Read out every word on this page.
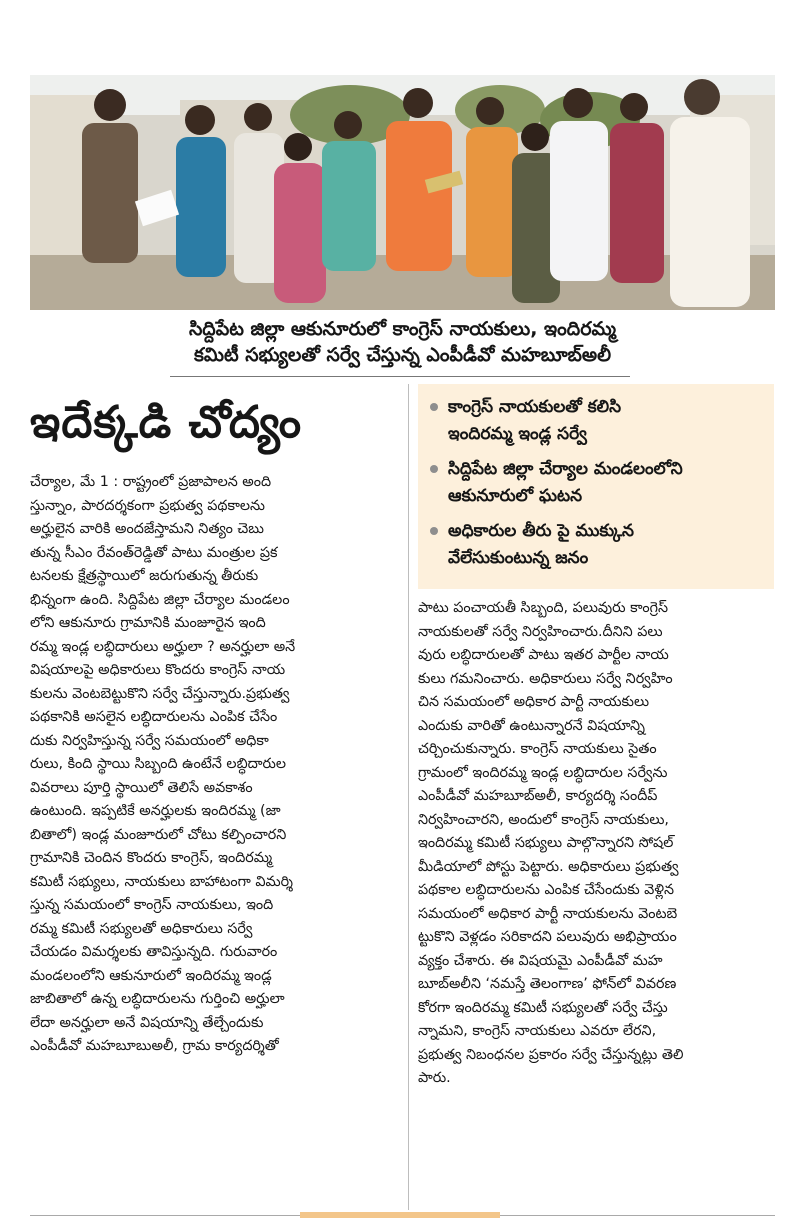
సిద్దిపేట జిల్లా ఆకునూరులో కాంగ్రెస్ నాయకులు, ఇందిరమ్మ
కమిటీ సభ్యులతో సర్వే చేస్తున్న ఎంపీడీవో మహబూబ్‌అలీ
ఇదేక్కడి చోద్యం	కాంగ్రెస్ నాయకులతో కలిసి
ఇందిరమ్మ ఇండ్ల సర్వే
సిద్దిపేట జిల్లా చేర్యాల మండలంలోని
ఆకునూరులో ఘటన
అధికారుల తీరు పై ముక్కున
వేలేసుకుంటున్న జనం
చేర్యాల, మే 1 : రాష్ట్రంలో ప్రజాపాలన అంది
స్తున్నాం, పారదర్శకంగా ప్రభుత్వ పథకాలను
అర్హులైన వారికి అందజేస్తామని నిత్యం చెబు
తున్న సీఎం రేవంత్‌రెడ్డితో పాటు మంత్రుల ప్రక
టనలకు క్షేత్రస్థాయిలో జరుగుతున్న తీరుకు
భిన్నంగా ఉంది. సిద్దిపేట జిల్లా చేర్యాల మండలం
లోని ఆకునూరు గ్రామానికి మంజూరైన ఇంది
రమ్మ ఇండ్ల లబ్ధిదారులు అర్హులా ? అనర్హులా అనే
విషయాలపై అధికారులు కొందరు కాంగ్రెస్ నాయ
కులను వెంటబెట్టుకొని సర్వే చేస్తున్నారు.ప్రభుత్వ
పథకానికి అసలైన లబ్ధిదారులను ఎంపిక చేసేం
దుకు నిర్వహిస్తున్న సర్వే సమయంలో అధికా
రులు, కింది స్థాయి సిబ్బంది ఉంటేనే లబ్ధిదారుల
వివరాలు పూర్తి స్థాయిలో తెలిసే అవకాశం
ఉంటుంది. ఇప్పటికే అనర్హులకు ఇందిరమ్మ (జా
బితాలో) ఇండ్ల మంజూరులో చోటు కల్పించారని
గ్రామానికి చెందిన కొందరు కాంగ్రెస్, ఇందిరమ్మ
కమిటీ సభ్యులు, నాయకులు బాహాటంగా విమర్శి
స్తున్న సమయంలో కాంగ్రెస్ నాయకులు, ఇంది
రమ్మ కమిటీ సభ్యులతో అధికారులు సర్వే
చేయడం విమర్శలకు తావిస్తున్నది. గురువారం
మండలంలోని ఆకునూరులో ఇందిరమ్మ ఇండ్ల
జాబితాలో ఉన్న లబ్ధిదారులను గుర్తించి అర్హులా
లేదా అనర్హులా అనే విషయాన్ని తేల్చేందుకు
ఎంపీడీవో మహబూబుఅలీ, గ్రామ కార్యదర్శితో
పాటు పంచాయతీ సిబ్బంది, పలువురు కాంగ్రెస్
నాయకులతో సర్వే నిర్వహించారు.దీనిని పలు
వురు లబ్ధిదారులతో పాటు ఇతర పార్టీల నాయ
కులు గమనించారు. అధికారులు సర్వే నిర్వహిం
చిన సమయంలో అధికార పార్టీ నాయకులు
ఎందుకు వారితో ఉంటున్నారనే విషయాన్ని
చర్చించుకున్నారు. కాంగ్రెస్ నాయకులు సైతం
గ్రామంలో ఇందిరమ్మ ఇండ్ల లబ్ధిదారుల సర్వేను
ఎంపీడీవో మహబూబ్‌అలీ, కార్యదర్శి సందీప్
నిర్వహించారని, అందులో కాంగ్రెస్ నాయకులు,
ఇందిరమ్మ కమిటీ సభ్యులు పాల్గొన్నారని సోషల్
మీడియాలో పోస్టు పెట్టారు. అధికారులు ప్రభుత్వ
పథకాల లబ్ధిదారులను ఎంపిక చేసేందుకు వెళ్లిన
సమయంలో అధికార పార్టీ నాయకులను వెంటబె
ట్టుకొని వెళ్లడం సరికాదని పలువురు అభిప్రాయం
వ్యక్తం చేశారు. ఈ విషయమై ఎంపీడీవో మహ
బూబ్‌అలీని ‘నమస్తే తెలంగాణ’ ఫోన్‌లో వివరణ
కోరగా ఇందిరమ్మ కమిటీ సభ్యులతో సర్వే చేస్తు
న్నామని, కాంగ్రెస్ నాయకులు ఎవరూ లేరని,
ప్రభుత్వ నిబంధనల ప్రకారం సర్వే చేస్తున్నట్లు తెలి
పారు.
